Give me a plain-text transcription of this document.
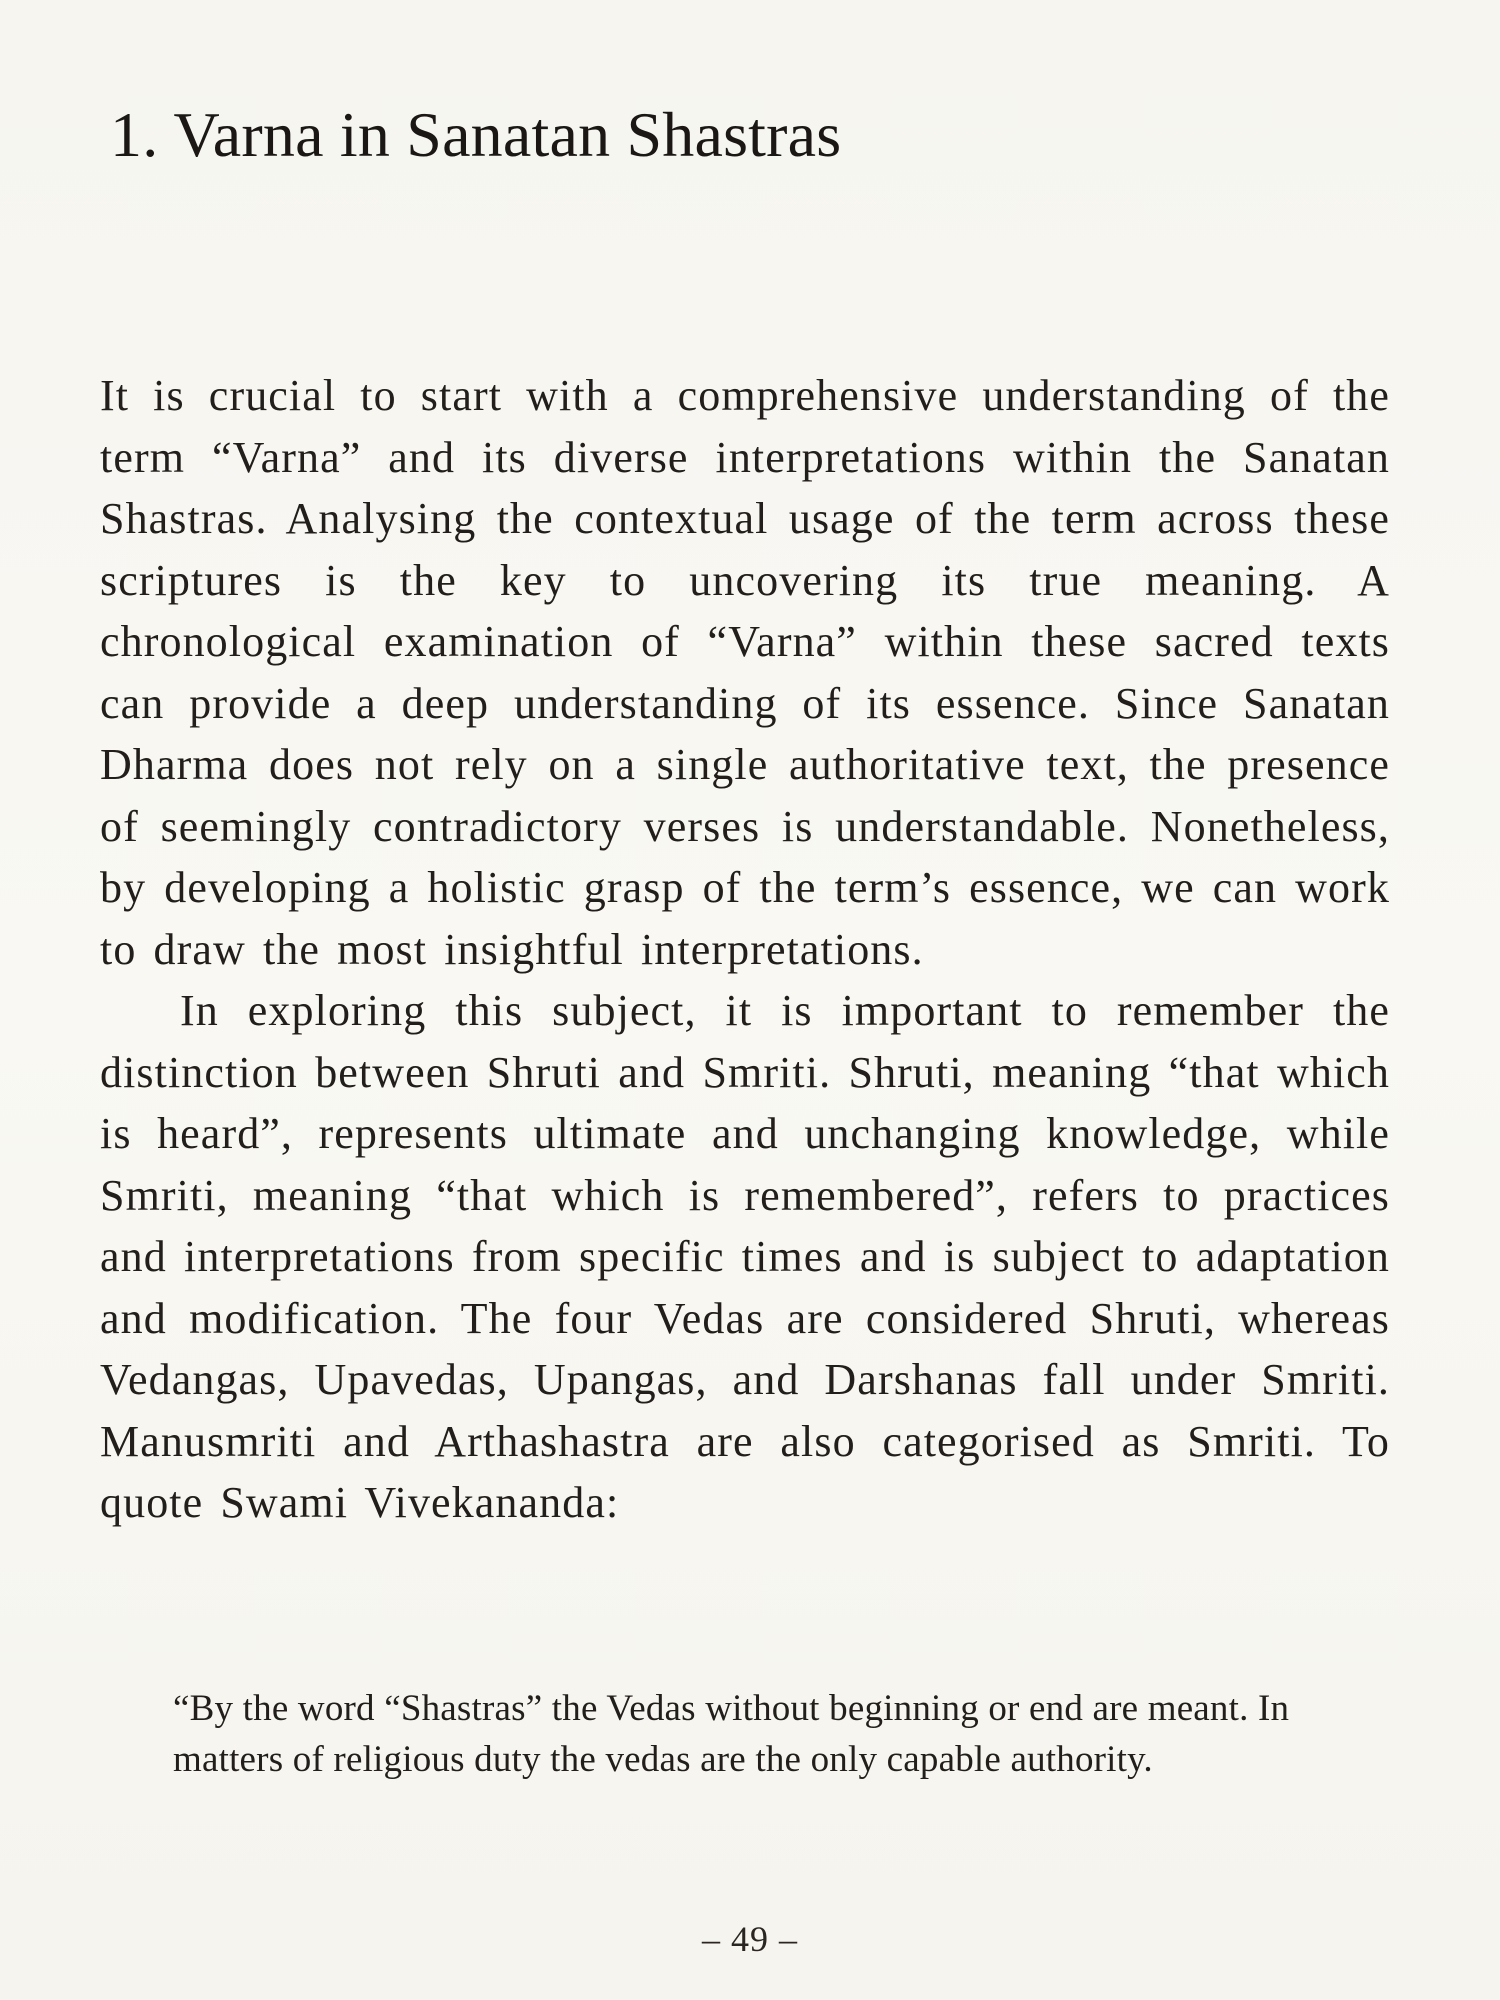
1. Varna in Sanatan Shastras

It is crucial to start with a comprehensive understanding of the term “Varna” and its diverse interpretations within the Sanatan Shastras. Analysing the contextual usage of the term across these scriptures is the key to uncovering its true meaning. A chronological examination of “Varna” within these sacred texts can provide a deep understanding of its essence. Since Sanatan Dharma does not rely on a single authoritative text, the presence of seemingly contradictory verses is understandable. Nonetheless, by developing a holistic grasp of the term’s essence, we can work to draw the most insightful interpretations.

In exploring this subject, it is important to remember the distinction between Shruti and Smriti. Shruti, meaning “that which is heard”, represents ultimate and unchanging knowledge, while Smriti, meaning “that which is remembered”, refers to practices and interpretations from specific times and is subject to adaptation and modification. The four Vedas are considered Shruti, whereas Vedangas, Upavedas, Upangas, and Darshanas fall under Smriti. Manusmriti and Arthashastra are also categorised as Smriti. To quote Swami Vivekananda:

“By the word “Shastras” the Vedas without beginning or end are meant. In matters of religious duty the vedas are the only capable authority.

– 49 –
